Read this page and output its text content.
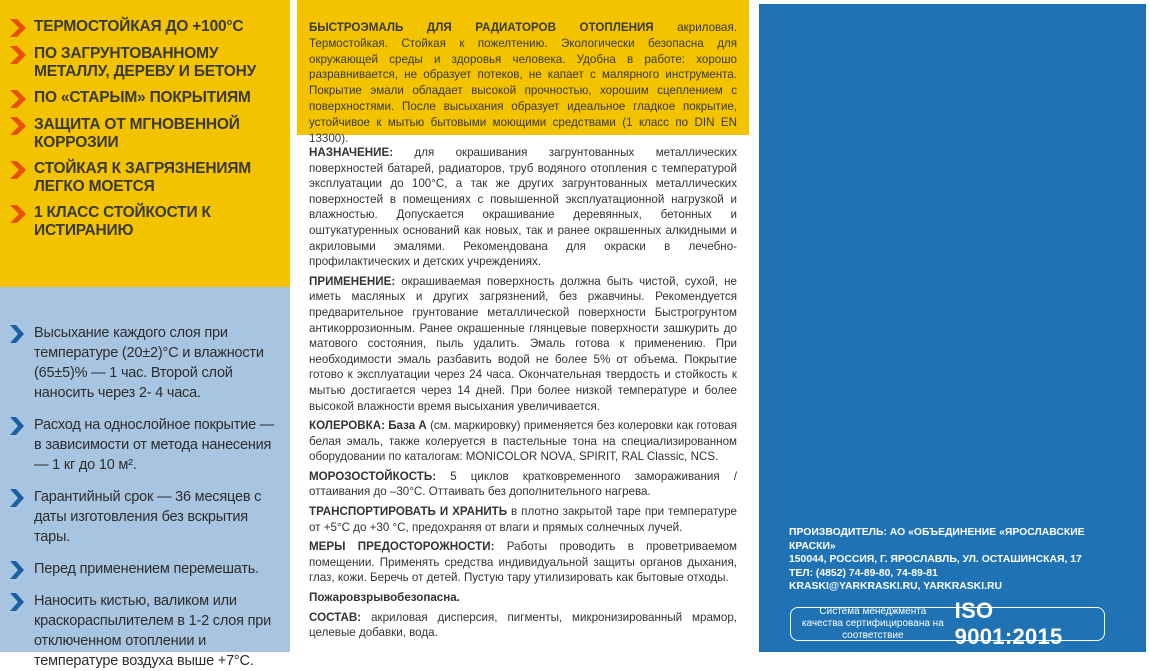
ТЕРМОСТОЙКАЯ ДО +100°С
ПО ЗАГРУНТОВАННОМУ МЕТАЛЛУ, ДЕРЕВУ И БЕТОНУ
ПО «СТАРЫМ» ПОКРЫТИЯМ
ЗАЩИТА ОТ МГНОВЕННОЙ КОРРОЗИИ
СТОЙКАЯ К ЗАГРЯЗНЕНИЯМ ЛЕГКО МОЕТСЯ
1 КЛАСС СТОЙКОСТИ К ИСТИРАНИЮ
Высыхание каждого слоя при температуре (20±2)°С и влажности (65±5)% — 1 час. Второй слой наносить через 2- 4 часа.
Расход на однослойное покрытие — в зависимости от метода нанесения — 1 кг до 10 м².
Гарантийный срок — 36 месяцев с даты изготовления без вскрытия тары.
Перед применением перемешать.
Наносить кистью, валиком или краскораспылителем в 1-2 слоя при отключенном отоплении и температуре воздуха выше +7°С.

БЫСТРОЭМАЛЬ ДЛЯ РАДИАТОРОВ ОТОПЛЕНИЯ акриловая. Термостойкая. Стойкая к пожелтению. Экологически безопасна для окружающей среды и здоровья человека. Удобна в работе: хорошо разравнивается, не образует потеков, не капает с малярного инструмента. Покрытие эмали обладает высокой прочностью, хорошим сцеплением с поверхностями. После высыхания образует идеальное гладкое покрытие, устойчивое к мытью бытовыми моющими средствами (1 класс по DIN EN 13300).

НАЗНАЧЕНИЕ: для окрашивания загрунтованных металлических поверхностей батарей, радиаторов, труб водяного отопления с температурой эксплуатации до 100°С, а так же других загрунтованных металлических поверхностей в помещениях с повышенной эксплуатационной нагрузкой и влажностью. Допускается окрашивание деревянных, бетонных и оштукатуренных оснований как новых, так и ранее окрашенных алкидными и акриловыми эмалями. Рекомендована для окраски в лечебно-профилактических и детских учреждениях.

ПРИМЕНЕНИЕ: окрашиваемая поверхность должна быть чистой, сухой, не иметь масляных и других загрязнений, без ржавчины. Рекомендуется предварительное грунтование металлической поверхности Быстрогрунтом антикоррозионным. Ранее окрашенные глянцевые поверхности зашкурить до матового состояния, пыль удалить. Эмаль готова к применению. При необходимости эмаль разбавить водой не более 5% от объема. Покрытие готово к эксплуатации через 24 часа. Окончательная твердость и стойкость к мытью достигается через 14 дней. При более низкой температуре и более высокой влажности время высыхания увеличивается.

КОЛЕРОВКА: База А (см. маркировку) применяется без колеровки как готовая белая эмаль, также колеруется в пастельные тона на специализированном оборудовании по каталогам: MONICOLOR NOVA, SPIRIT, RAL Classic, NCS.

МОРОЗОСТОЙКОСТЬ: 5 циклов кратковременного замораживания / оттаивания до –30°С. Оттаивать без дополнительного нагрева.

ТРАНСПОРТИРОВАТЬ И ХРАНИТЬ в плотно закрытой таре при температуре от +5°С до +30 °С, предохраняя от влаги и прямых солнечных лучей.

МЕРЫ ПРЕДОСТОРОЖНОСТИ: Работы проводить в проветриваемом помещении. Применять средства индивидуальной защиты органов дыхания, глаз, кожи. Беречь от детей. Пустую тару утилизировать как бытовые отходы.

Пожаровзрывобезопасна.

СОСТАВ: акриловая дисперсия, пигменты, микронизированный мрамор, целевые добавки, вода.

ПРОИЗВОДИТЕЛЬ: АО «ОБЪЕДИНЕНИЕ «ЯРОСЛАВСКИЕ КРАСКИ»
150044, РОССИЯ, Г. ЯРОСЛАВЛЬ, УЛ. ОСТАШИНСКАЯ, 17
ТЕЛ: (4852) 74-89-80, 74-89-81
KRASKI@YARKRASKI.RU, YARKRASKI.RU
Система менеджмента качества сертифицирована на соответствие
ISO 9001:2015
